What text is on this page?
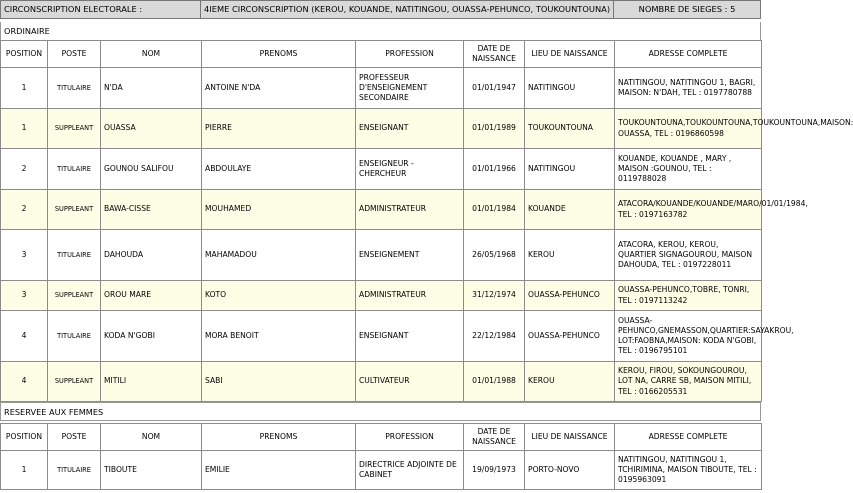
CIRCONSCRIPTION ELECTORALE :	4IEME CIRCONSCRIPTION (KEROU, KOUANDE, NATITINGOU, OUASSA-PEHUNCO, TOUKOUNTOUNA)	NOMBRE DE SIEGES : 5
ORDINAIRE
POSITION	POSTE	NOM	PRENOMS	PROFESSION	DATE DE NAISSANCE	LIEU DE NAISSANCE	ADRESSE COMPLETE
1	TITULAIRE	N'DA	ANTOINE N'DA	PROFESSEUR D'ENSEIGNEMENT SECONDAIRE	01/01/1947	NATITINGOU	NATITINGOU, NATITINGOU 1, BAGRI, MAISON: N'DAH, TEL : 0197780788
1	SUPPLEANT	OUASSA	PIERRE	ENSEIGNANT	01/01/1989	TOUKOUNTOUNA	TOUKOUNTOUNA,TOUKOUNTOUNA,TOUKOUNTOUNA,MAISON: OUASSA, TEL : 0196860598
2	TITULAIRE	GOUNOU SALIFOU	ABDOULAYE	ENSEIGNEUR - CHERCHEUR	01/01/1966	NATITINGOU	KOUANDE, KOUANDE , MARY , MAISON :GOUNOU, TEL : 0119788028
2	SUPPLEANT	BAWA-CISSE	MOUHAMED	ADMINISTRATEUR	01/01/1984	KOUANDE	ATACORA/KOUANDE/KOUANDE/MARO/01/01/1984, TEL : 0197163782
3	TITULAIRE	DAHOUDA	MAHAMADOU	ENSEIGNEMENT	26/05/1968	KEROU	ATACORA, KEROU, KEROU, QUARTIER SIGNAGOUROU, MAISON DAHOUDA, TEL : 0197228011
3	SUPPLEANT	OROU MARE	KOTO	ADMINISTRATEUR	31/12/1974	OUASSA-PEHUNCO	OUASSA-PEHUNCO,TOBRE, TONRI, TEL : 0197113242
4	TITULAIRE	KODA N'GOBI	MORA BENOIT	ENSEIGNANT	22/12/1984	OUASSA-PEHUNCO	OUASSA-PEHUNCO,GNEMASSON,QUARTIER:SAYAKROU, LOT:FAOBNA,MAISON: KODA N'GOBI, TEL : 0196795101
4	SUPPLEANT	MITILI	SABI	CULTIVATEUR	01/01/1988	KEROU	KEROU, FIROU, SOKOUNGOUROU, LOT NA, CARRE SB, MAISON MITILI, TEL : 0166205531
RESERVEE AUX FEMMES
POSITION	POSTE	NOM	PRENOMS	PROFESSION	DATE DE NAISSANCE	LIEU DE NAISSANCE	ADRESSE COMPLETE
1	TITULAIRE	TIBOUTE	EMILIE	DIRECTRICE ADJOINTE DE CABINET	19/09/1973	PORTO-NOVO	NATITINGOU, NATITINGOU 1, TCHIRIMINA, MAISON TIBOUTE, TEL : 0195963091
